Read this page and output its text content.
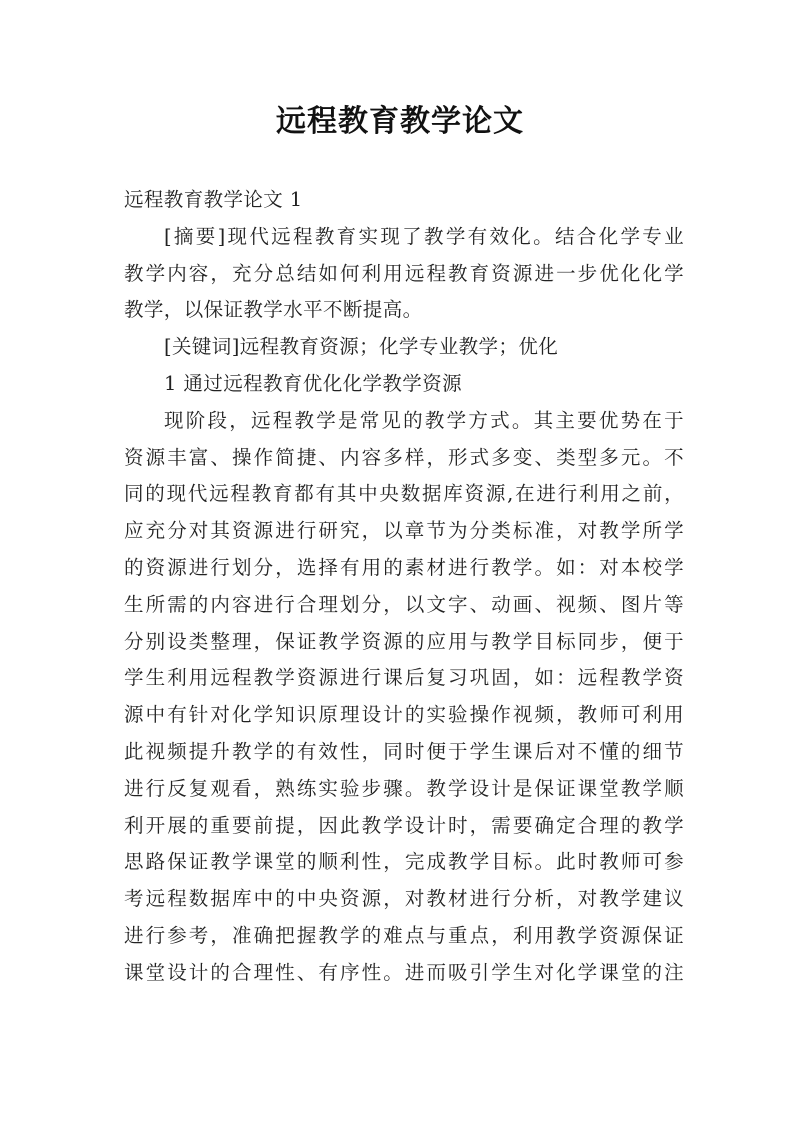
远程教育教学论文

远程教育教学论文 1

[摘要]现代远程教育实现了教学有效化。结合化学专业

教学内容，充分总结如何利用远程教育资源进一步优化化学

教学，以保证教学水平不断提高。

[关键词]远程教育资源；化学专业教学；优化

1 通过远程教育优化化学教学资源

现阶段，远程教学是常见的教学方式。其主要优势在于

资源丰富、操作简捷、内容多样，形式多变、类型多元。不

同的现代远程教育都有其中央数据库资源,在进行利用之前，

应充分对其资源进行研究，以章节为分类标准，对教学所学

的资源进行划分，选择有用的素材进行教学。如：对本校学

生所需的内容进行合理划分，以文字、动画、视频、图片等

分别设类整理，保证教学资源的应用与教学目标同步，便于

学生利用远程教学资源进行课后复习巩固，如：远程教学资

源中有针对化学知识原理设计的实验操作视频，教师可利用

此视频提升教学的有效性，同时便于学生课后对不懂的细节

进行反复观看，熟练实验步骤。教学设计是保证课堂教学顺

利开展的重要前提，因此教学设计时，需要确定合理的教学

思路保证教学课堂的顺利性，完成教学目标。此时教师可参

考远程数据库中的中央资源，对教材进行分析，对教学建议

进行参考，准确把握教学的难点与重点，利用教学资源保证

课堂设计的合理性、有序性。进而吸引学生对化学课堂的注
